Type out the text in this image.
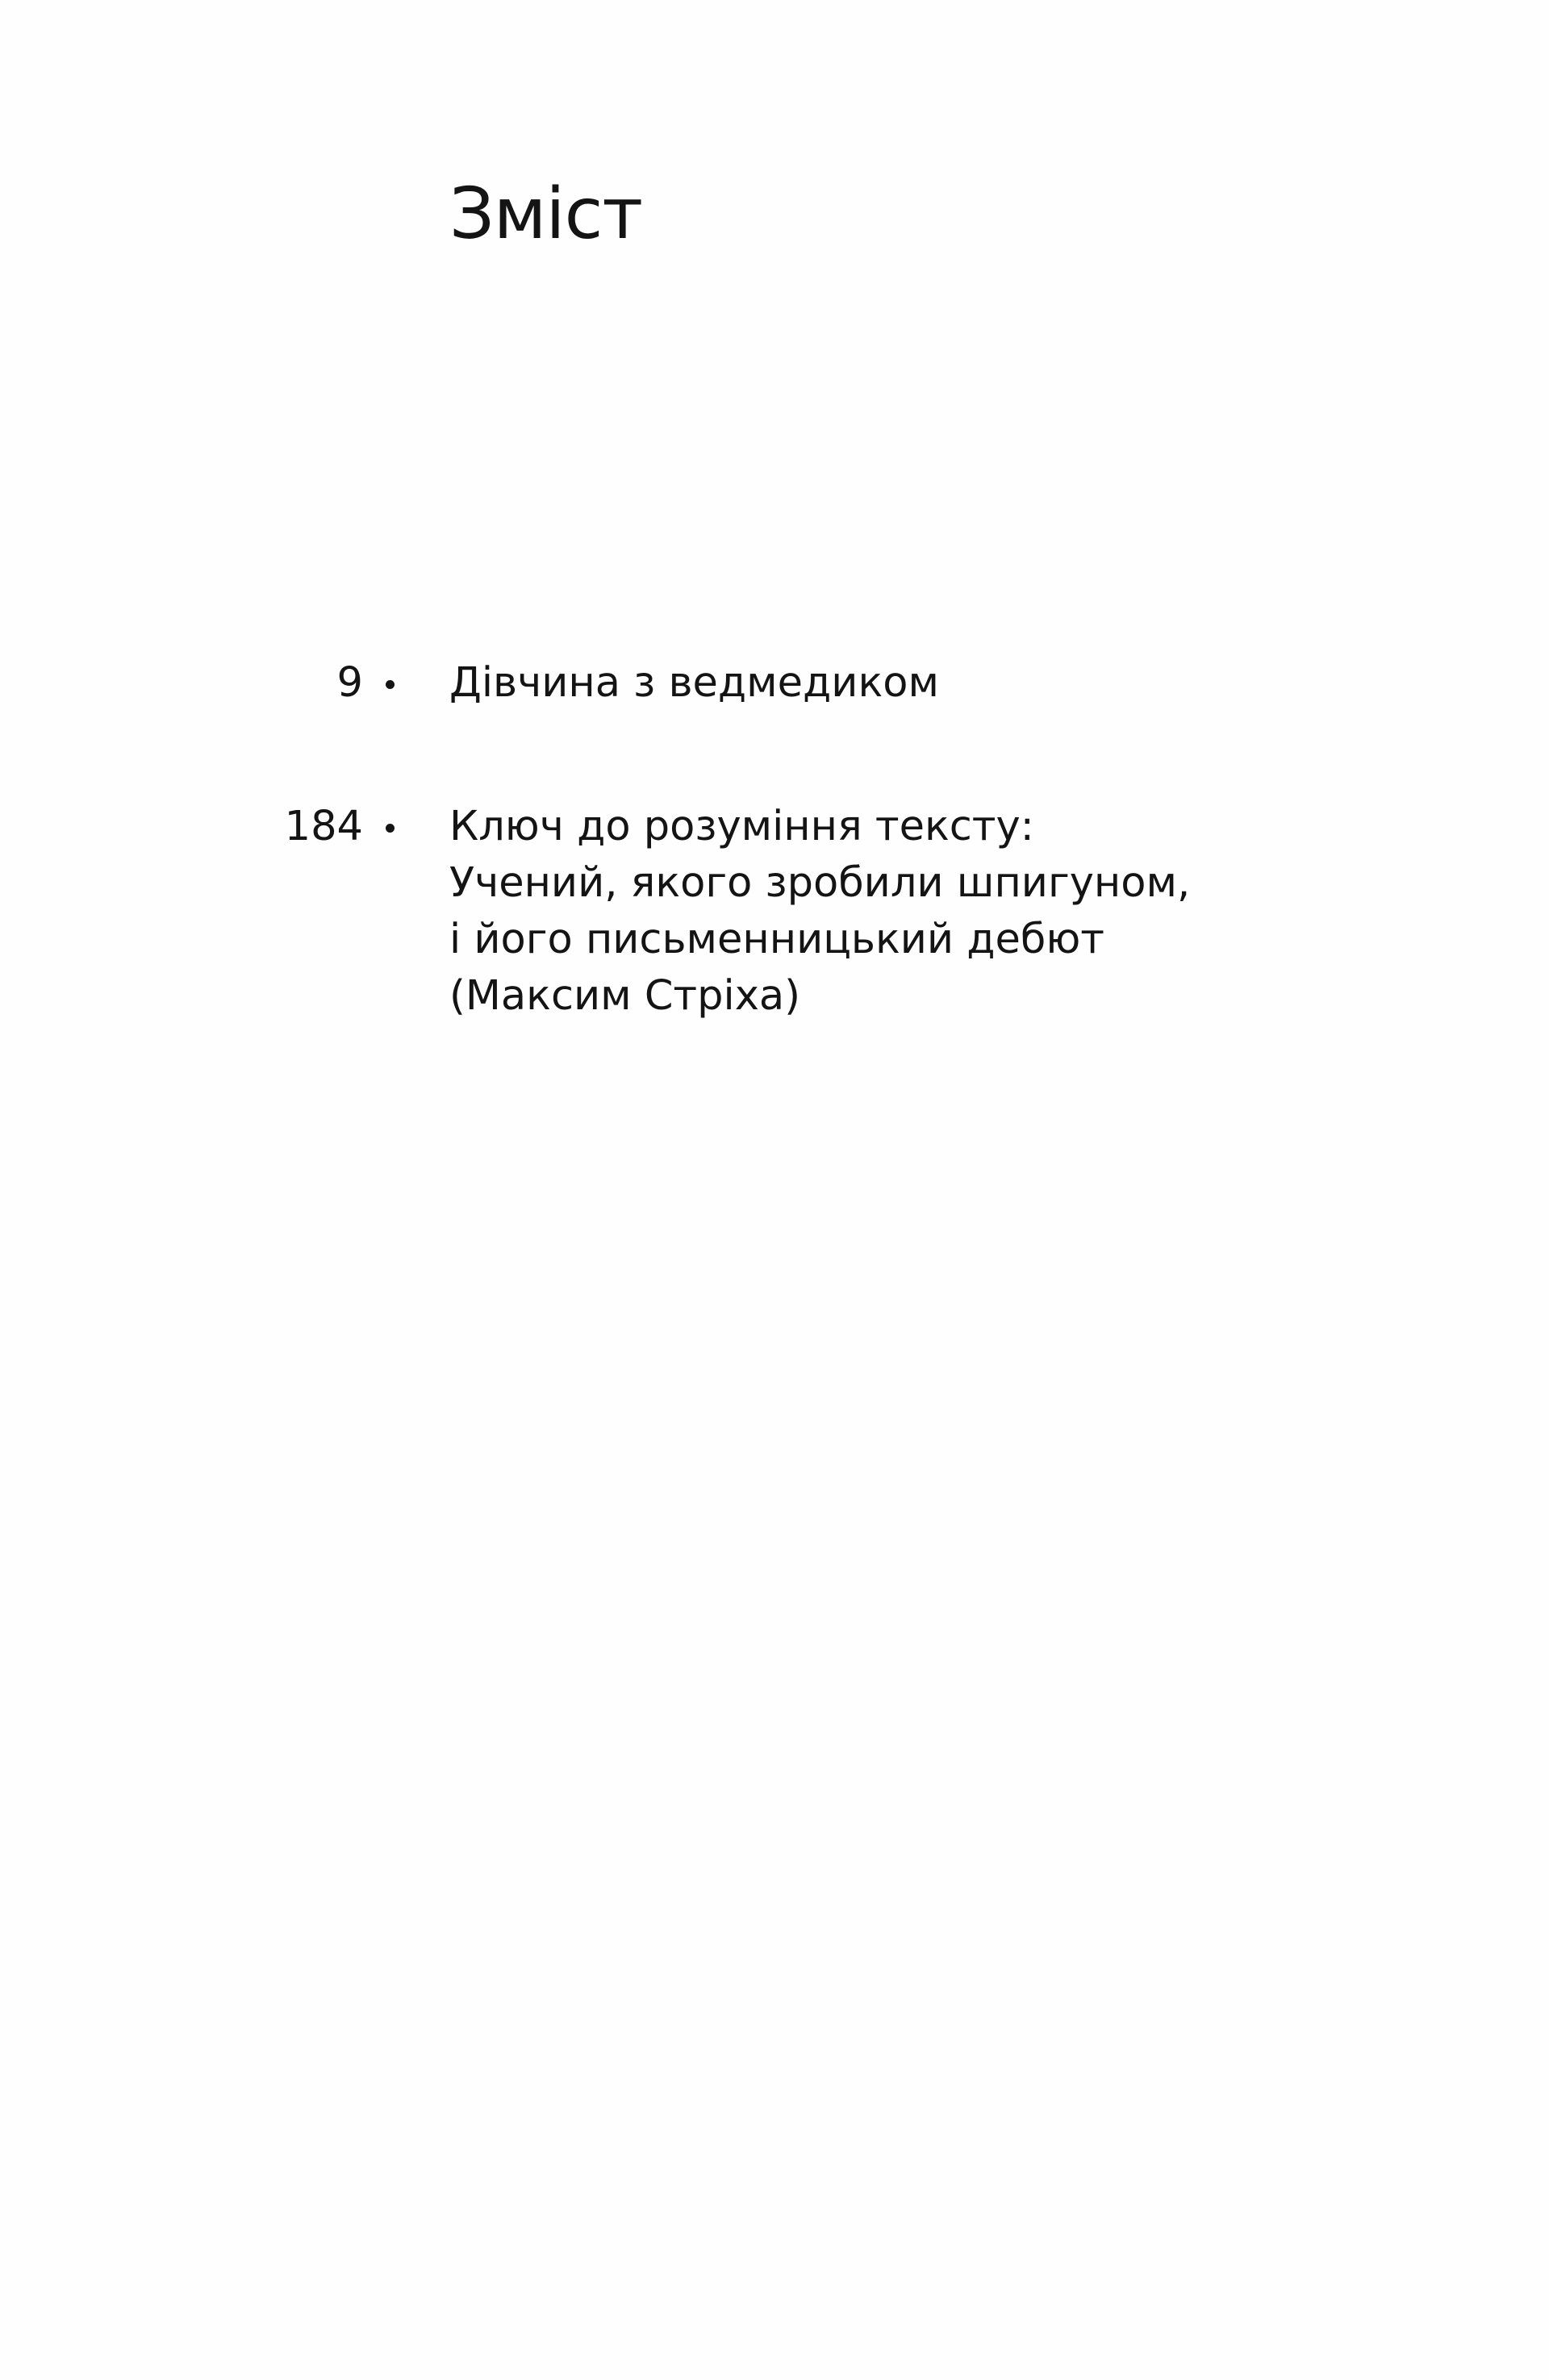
Зміст
9 Дівчина з ведмедиком
184 Ключ до розуміння тексту:
Учений, якого зробили шпигуном,
і його письменницький дебют
(Максим Стріха)
